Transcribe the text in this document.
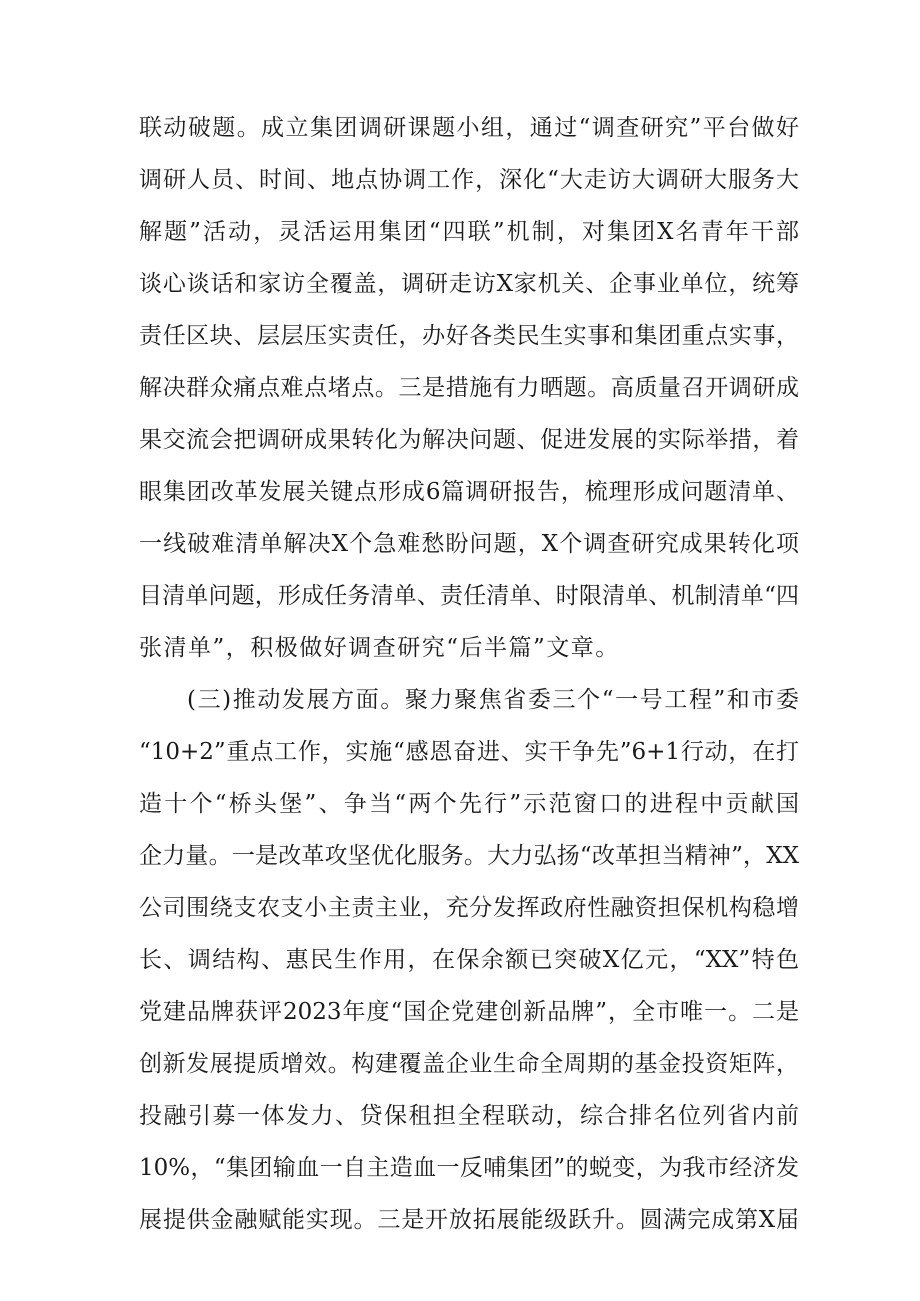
联动破题。成立集团调研课题小组，通过“调查研究”平台做好
调研人员、时间、地点协调工作，深化“大走访大调研大服务大
解题”活动，灵活运用集团“四联”机制，对集团X名青年干部
谈心谈话和家访全覆盖，调研走访X家机关、企事业单位，统筹
责任区块、层层压实责任，办好各类民生实事和集团重点实事，
解决群众痛点难点堵点。三是措施有力晒题。高质量召开调研成
果交流会把调研成果转化为解决问题、促进发展的实际举措，着
眼集团改革发展关键点形成6篇调研报告，梳理形成问题清单、
一线破难清单解决X个急难愁盼问题，X个调查研究成果转化项
目清单问题，形成任务清单、责任清单、时限清单、机制清单“四
张清单”，积极做好调查研究“后半篇”文章。
(三)推动发展方面。聚力聚焦省委三个“一号工程”和市委
“10+2”重点工作，实施“感恩奋进、实干争先”6+1行动，在打
造十个“桥头堡”、争当“两个先行”示范窗口的进程中贡献国
企力量。一是改革攻坚优化服务。大力弘扬“改革担当精神”，XX
公司围绕支农支小主责主业，充分发挥政府性融资担保机构稳增
长、调结构、惠民生作用，在保余额已突破X亿元，“XX”特色
党建品牌获评2023年度“国企党建创新品牌”，全市唯一。二是
创新发展提质增效。构建覆盖企业生命全周期的基金投资矩阵，
投融引募一体发力、贷保租担全程联动，综合排名位列省内前
10%，“集团输血一自主造血一反哺集团”的蜕变，为我市经济发
展提供金融赋能实现。三是开放拓展能级跃升。圆满完成第X届
